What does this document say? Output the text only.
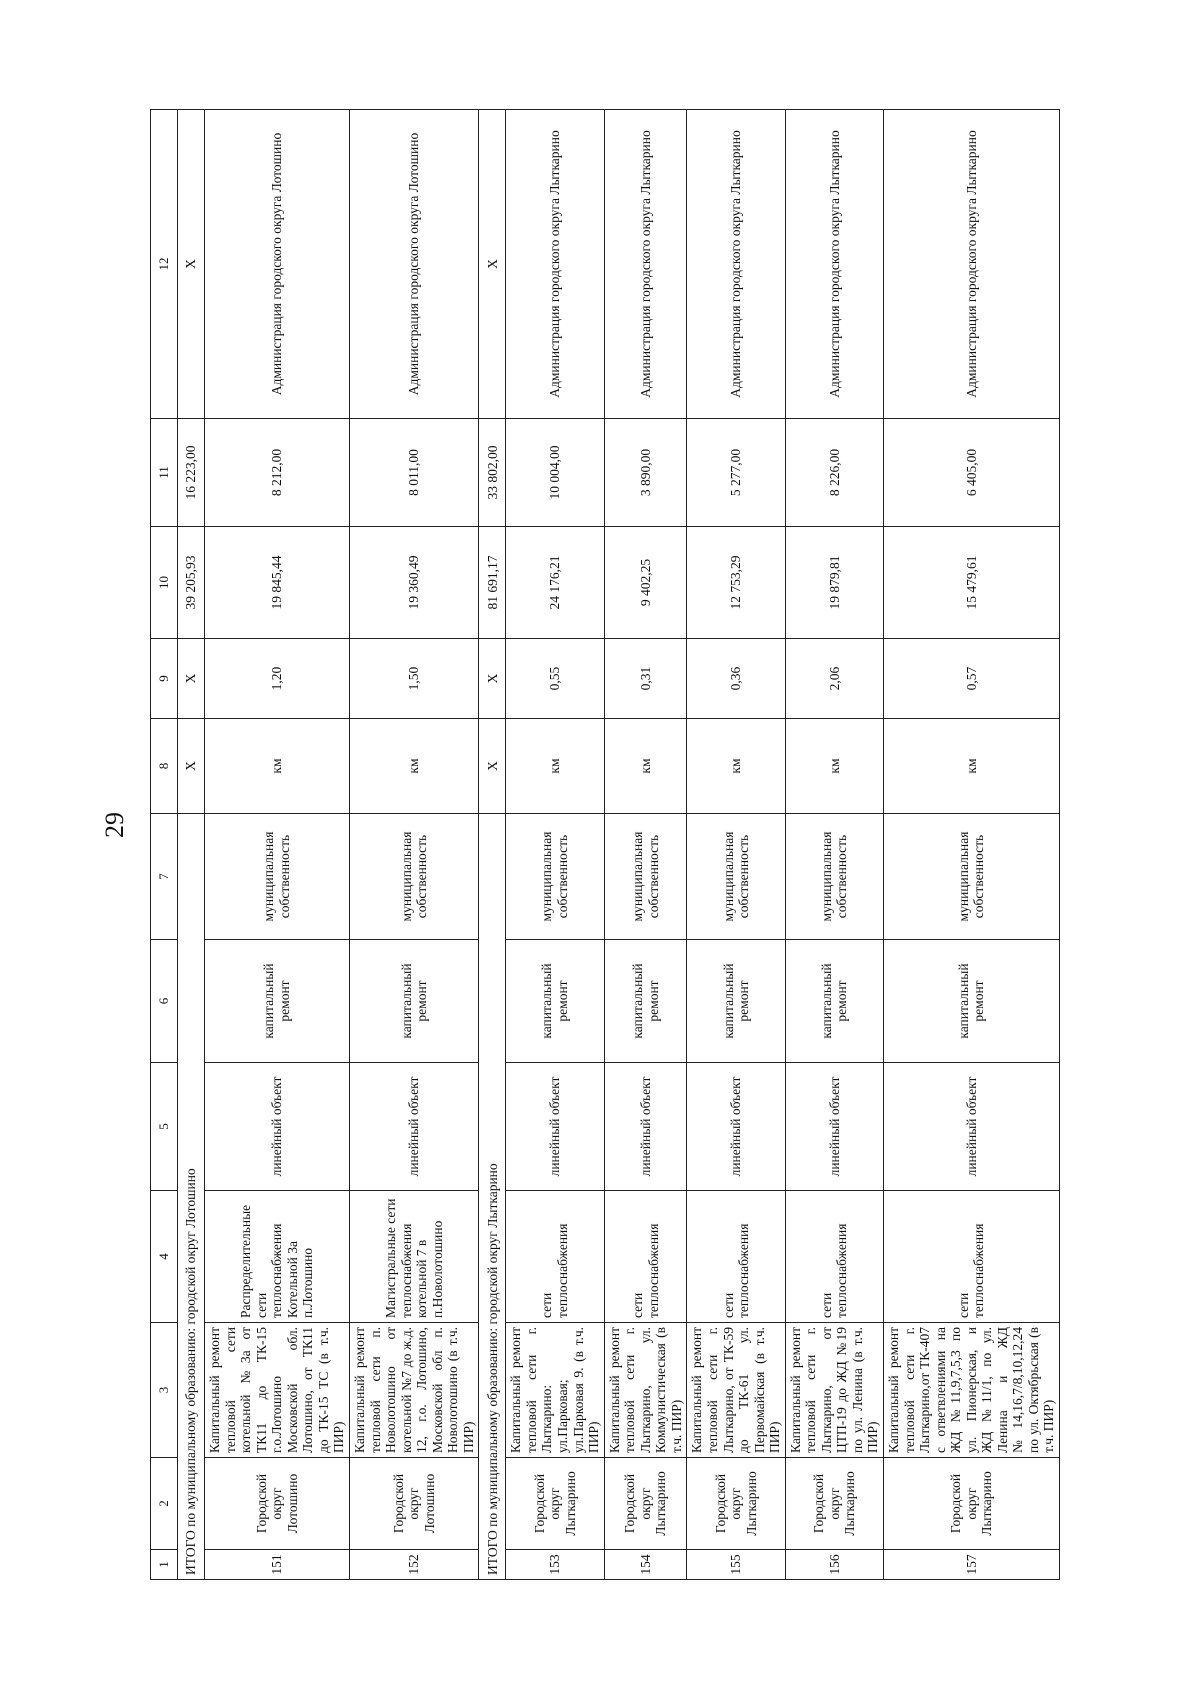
29
1	2	3	4	5	6	7	8	9	10	11	12
ИТОГО по муниципальному образованию: городской округ Лотошино							X	X	39 205,93	16 223,00	X
151	Городской округ Лотошино	Капитальный ремонт тепловой сети котельной №3а от ТК11 до ТК-15 г.о.Лотошино Московской обл. Лотошино, от ТК11 до ТК-15 ТС (в т.ч. ПИР)	Распределительные сети теплоснабжения Котельной 3а п.Лотошино	линейный объект	капитальный ремонт	муниципальная собственность	км	1,20	19 845,44	8 212,00	Администрация городского округа Лотошино
152	Городской округ Лотошино	Капитальный ремонт тепловой сети п. Новолотошино от котельной №7 до ж.д. 12, г.о. Лотошино, Московской обл п. Новолотошино (в т.ч. ПИР)	Магистральные сети теплоснабжения котельной 7 в п.Новолотошино	линейный объект	капитальный ремонт	муниципальная собственность	км	1,50	19 360,49	8 011,00	Администрация городского округа Лотошино
ИТОГО по муниципальному образованию: городской округ Лыткарино							X	X	81 691,17	33 802,00	X
153	Городской округ Лыткарино	Капитальный ремонт тепловой сети г. Лыткарино: ул.Парковая; ул.Парковая 9. (в т.ч. ПИР)	сети теплоснабжения	линейный объект	капитальный ремонт	муниципальная собственность	км	0,55	24 176,21	10 004,00	Администрация городского округа Лыткарино
154	Городской округ Лыткарино	Капитальный ремонт тепловой сети г. Лыткарино, ул. Коммунистическая (в т.ч. ПИР)	сети теплоснабжения	линейный объект	капитальный ремонт	муниципальная собственность	км	0,31	9 402,25	3 890,00	Администрация городского округа Лыткарино
155	Городской округ Лыткарино	Капитальный ремонт тепловой сети г. Лыткарино, от ТК-59 до ТК-61 ул. Первомайская (в т.ч. ПИР)	сети теплоснабжения	линейный объект	капитальный ремонт	муниципальная собственность	км	0,36	12 753,29	5 277,00	Администрация городского округа Лыткарино
156	Городской округ Лыткарино	Капитальный ремонт тепловой сети г. Лыткарино, от ЦТП-19 до ЖД №19 по ул. Ленина (в т.ч. ПИР)	сети теплоснабжения	линейный объект	капитальный ремонт	муниципальная собственность	км	2,06	19 879,81	8 226,00	Администрация городского округа Лыткарино
157	Городской округ Лыткарино	Капитальный ремонт тепловой сети г. Лыткарино,от ТК-407 с ответвлениями на ЖД №11,9,7,5,3 по ул. Пионерская, и ЖД №11/1, по ул. Ленина и ЖД №14,16,7/8,10,12,24 по ул. Октябрьская (в т.ч. ПИР)	сети теплоснабжения	линейный объект	капитальный ремонт	муниципальная собственность	км	0,57	15 479,61	6 405,00	Администрация городского округа Лыткарино
